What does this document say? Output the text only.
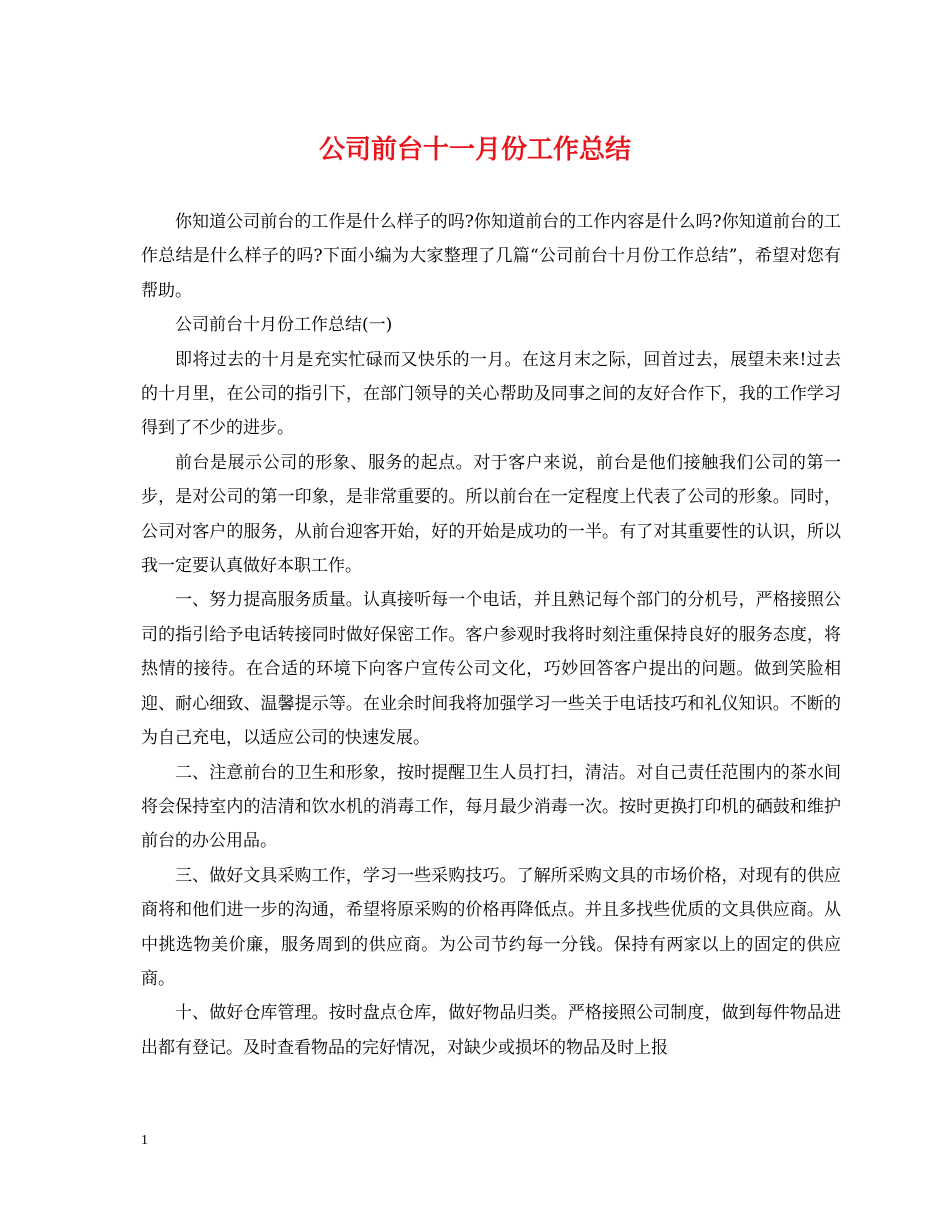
公司前台十一月份工作总结

你知道公司前台的工作是什么样子的吗?你知道前台的工作内容是什么吗?你知道前台的工作总结是什么样子的吗?下面小编为大家整理了几篇“公司前台十月份工作总结”，希望对您有帮助。

公司前台十月份工作总结(一)

即将过去的十月是充实忙碌而又快乐的一月。在这月末之际，回首过去，展望未来!过去的十月里，在公司的指引下，在部门领导的关心帮助及同事之间的友好合作下，我的工作学习得到了不少的进步。

前台是展示公司的形象、服务的起点。对于客户来说，前台是他们接触我们公司的第一步，是对公司的第一印象，是非常重要的。所以前台在一定程度上代表了公司的形象。同时，公司对客户的服务，从前台迎客开始，好的开始是成功的一半。有了对其重要性的认识，所以我一定要认真做好本职工作。

一、努力提高服务质量。认真接听每一个电话，并且熟记每个部门的分机号，严格接照公司的指引给予电话转接同时做好保密工作。客户参观时我将时刻注重保持良好的服务态度，将热情的接待。在合适的环境下向客户宣传公司文化，巧妙回答客户提出的问题。做到笑脸相迎、耐心细致、温馨提示等。在业余时间我将加强学习一些关于电话技巧和礼仪知识。不断的为自己充电，以适应公司的快速发展。

二、注意前台的卫生和形象，按时提醒卫生人员打扫，清洁。对自己责任范围内的茶水间将会保持室内的洁清和饮水机的消毒工作，每月最少消毒一次。按时更换打印机的硒鼓和维护前台的办公用品。

三、做好文具采购工作，学习一些采购技巧。了解所采购文具的市场价格，对现有的供应商将和他们进一步的沟通，希望将原采购的价格再降低点。并且多找些优质的文具供应商。从中挑选物美价廉，服务周到的供应商。为公司节约每一分钱。保持有两家以上的固定的供应商。

十、做好仓库管理。按时盘点仓库，做好物品归类。严格接照公司制度，做到每件物品进出都有登记。及时查看物品的完好情况，对缺少或损坏的物品及时上报

1
